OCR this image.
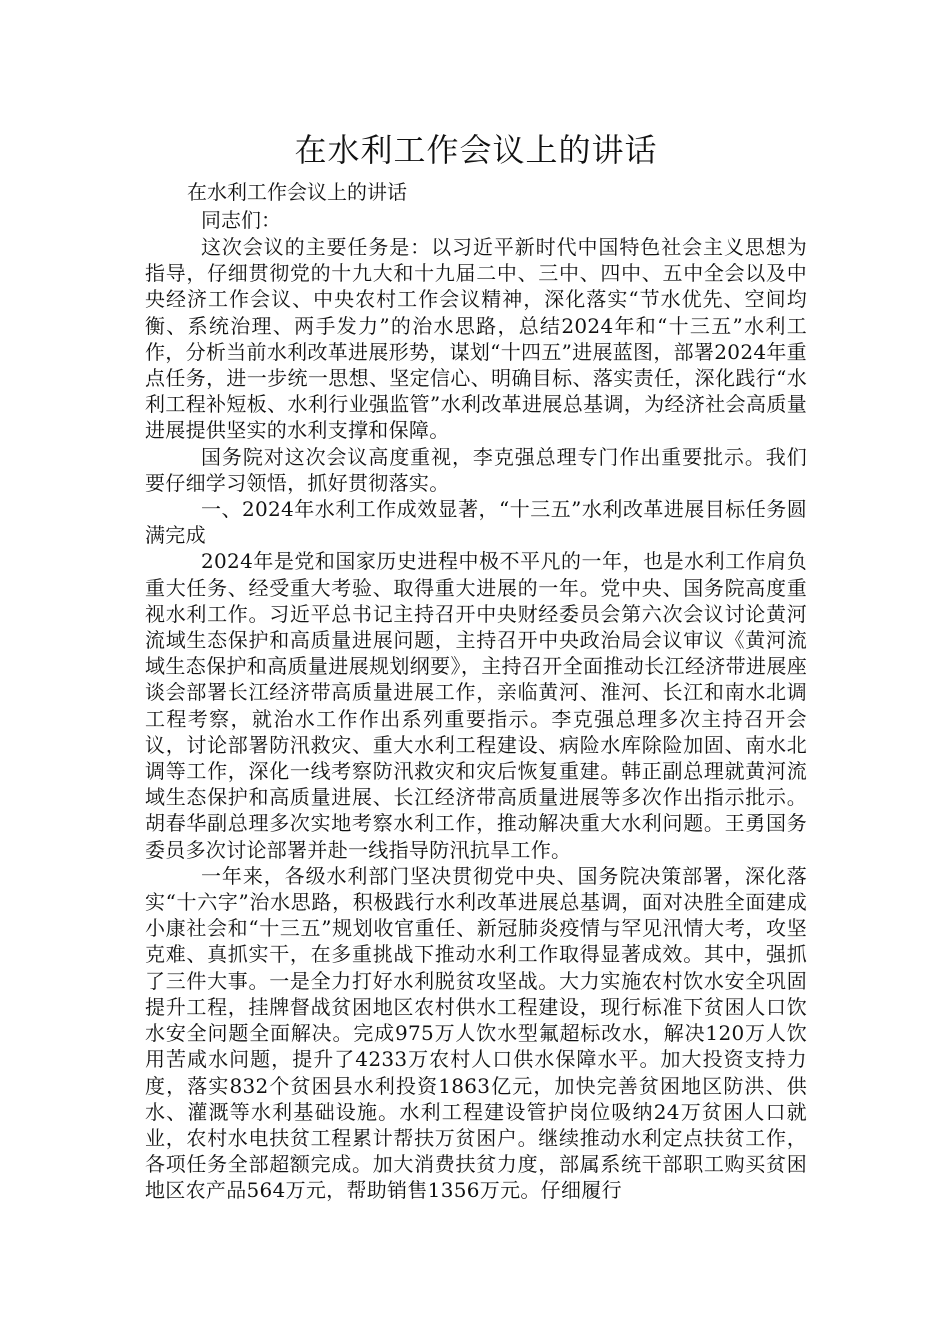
在水利工作会议上的讲话

在水利工作会议上的讲话

同志们：

这次会议的主要任务是：以习近平新时代中国特色社会主义思想为指导，仔细贯彻党的十九大和十九届二中、三中、四中、五中全会以及中央经济工作会议、中央农村工作会议精神，深化落实“节水优先、空间均衡、系统治理、两手发力”的治水思路，总结2024年和“十三五”水利工作，分析当前水利改革进展形势，谋划“十四五”进展蓝图，部署2024年重点任务，进一步统一思想、坚定信心、明确目标、落实责任，深化践行“水利工程补短板、水利行业强监管”水利改革进展总基调，为经济社会高质量进展提供坚实的水利支撑和保障。

国务院对这次会议高度重视，李克强总理专门作出重要批示。我们要仔细学习领悟，抓好贯彻落实。

一、2024年水利工作成效显著，“十三五”水利改革进展目标任务圆满完成

2024年是党和国家历史进程中极不平凡的一年，也是水利工作肩负重大任务、经受重大考验、取得重大进展的一年。党中央、国务院高度重视水利工作。习近平总书记主持召开中央财经委员会第六次会议讨论黄河流域生态保护和高质量进展问题，主持召开中央政治局会议审议《黄河流域生态保护和高质量进展规划纲要》，主持召开全面推动长江经济带进展座谈会部署长江经济带高质量进展工作，亲临黄河、淮河、长江和南水北调工程考察，就治水工作作出系列重要指示。李克强总理多次主持召开会议，讨论部署防汛救灾、重大水利工程建设、病险水库除险加固、南水北调等工作，深化一线考察防汛救灾和灾后恢复重建。韩正副总理就黄河流域生态保护和高质量进展、长江经济带高质量进展等多次作出指示批示。胡春华副总理多次实地考察水利工作，推动解决重大水利问题。王勇国务委员多次讨论部署并赴一线指导防汛抗旱工作。

一年来，各级水利部门坚决贯彻党中央、国务院决策部署，深化落实“十六字”治水思路，积极践行水利改革进展总基调，面对决胜全面建成小康社会和“十三五”规划收官重任、新冠肺炎疫情与罕见汛情大考，攻坚克难、真抓实干，在多重挑战下推动水利工作取得显著成效。其中，强抓了三件大事。一是全力打好水利脱贫攻坚战。大力实施农村饮水安全巩固提升工程，挂牌督战贫困地区农村供水工程建设，现行标准下贫困人口饮水安全问题全面解决。完成975万人饮水型氟超标改水，解决120万人饮用苦咸水问题，提升了4233万农村人口供水保障水平。加大投资支持力度，落实832个贫困县水利投资1863亿元，加快完善贫困地区防洪、供水、灌溉等水利基础设施。水利工程建设管护岗位吸纳24万贫困人口就业，农村水电扶贫工程累计帮扶万贫困户。继续推动水利定点扶贫工作，各项任务全部超额完成。加大消费扶贫力度，部属系统干部职工购买贫困地区农产品564万元，帮助销售1356万元。仔细履行
